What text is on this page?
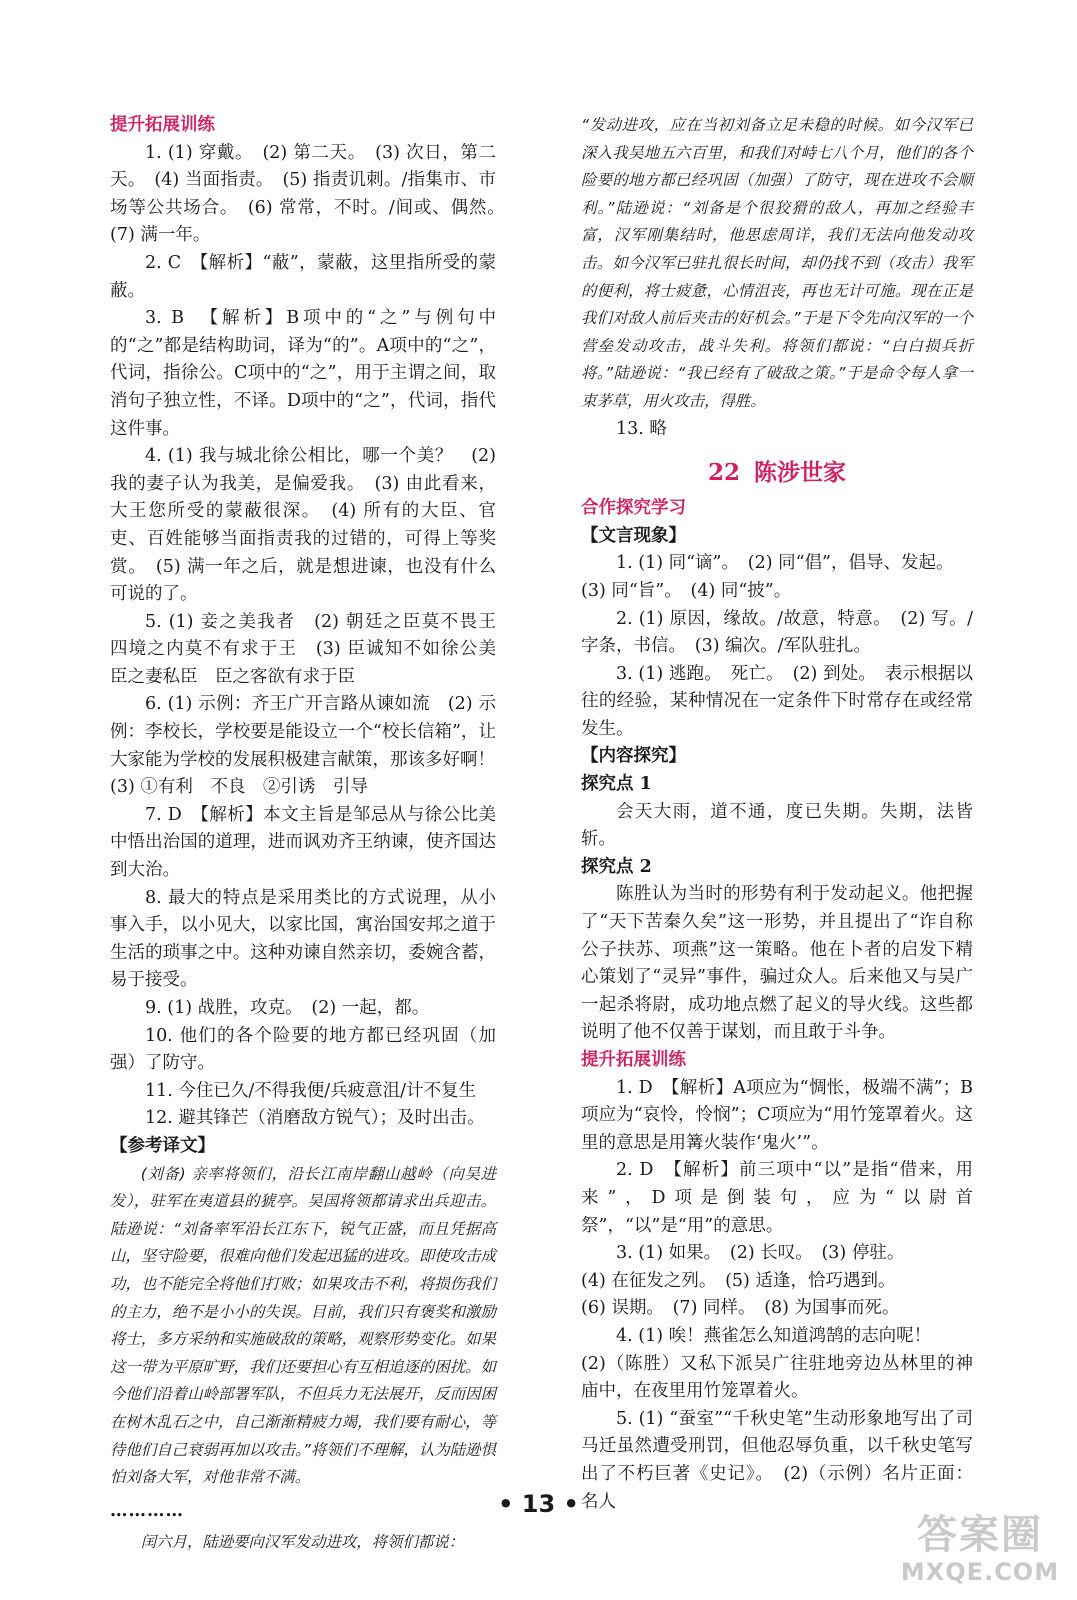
提升拓展训练

1. (1) 穿戴。　(2) 第二天。　(3) 次日，第二天。　(4) 当面指责。　(5) 指责讥刺。/指集市、市场等公共场合。　(6) 常常，不时。/间或、偶然。　(7) 满一年。

2. C　【解析】“蔽”，蒙蔽，这里指所受的蒙蔽。

3. B　【解析】B项中的“之”与例句中的“之”都是结构助词，译为“的”。A项中的“之”，代词，指徐公。C项中的“之”，用于主谓之间，取消句子独立性，不译。D项中的“之”，代词，指代这件事。

4. (1) 我与城北徐公相比，哪一个美？　(2) 我的妻子认为我美，是偏爱我。　(3) 由此看来，大王您所受的蒙蔽很深。　(4) 所有的大臣、官吏、百姓能够当面指责我的过错的，可得上等奖赏。　(5) 满一年之后，就是想进谏，也没有什么可说的了。

5. (1) 妾之美我者　(2) 朝廷之臣莫不畏王　四境之内莫不有求于王　(3) 臣诚知不如徐公美　臣之妻私臣　臣之客欲有求于臣

6. (1) 示例：齐王广开言路从谏如流　(2) 示例：李校长，学校要是能设立一个“校长信箱”，让大家能为学校的发展积极建言献策，那该多好啊！

(3) ①有利　不良　②引诱　引导

7. D　【解析】本文主旨是邹忌从与徐公比美中悟出治国的道理，进而讽劝齐王纳谏，使齐国达到大治。

8. 最大的特点是采用类比的方式说理，从小事入手，以小见大，以家比国，寓治国安邦之道于生活的琐事之中。这种劝谏自然亲切，委婉含蓄，易于接受。

9. (1) 战胜，攻克。　(2) 一起，都。

10. 他们的各个险要的地方都已经巩固（加强）了防守。

11. 今住已久/不得我便/兵疲意沮/计不复生

12. 避其锋芒（消磨敌方锐气）；及时出击。

【参考译文】

(刘备) 亲率将领们，沿长江南岸翻山越岭（向吴进发），驻军在夷道县的猇亭。吴国将领都请求出兵迎击。陆逊说：“刘备率军沿长江东下，锐气正盛，而且凭据高山，坚守险要，很难向他们发起迅猛的进攻。即使攻击成功，也不能完全将他们打败；如果攻击不利，将损伤我们的主力，绝不是小小的失误。目前，我们只有褒奖和激励将士，多方采纳和实施破敌的策略，观察形势变化。如果这一带为平原旷野，我们还要担心有互相追逐的困扰。如今他们沿着山岭部署军队，不但兵力无法展开，反而因困在树木乱石之中，自己渐渐精疲力竭，我们要有耐心，等待他们自己衰弱再加以攻击。”将领们不理解，认为陆逊惧怕刘备大军，对他非常不满。

…………

闰六月，陆逊要向汉军发动进攻，将领们都说：

“发动进攻，应在当初刘备立足未稳的时候。如今汉军已深入我吴地五六百里，和我们对峙七八个月，他们的各个险要的地方都已经巩固（加强）了防守，现在进攻不会顺利。”陆逊说：“刘备是个很狡猾的敌人，再加之经验丰富，汉军刚集结时，他思虑周详，我们无法向他发动攻击。如今汉军已驻扎很长时间，却仍找不到（攻击）我军的便利，将士疲惫，心情沮丧，再也无计可施。现在正是我们对敌人前后夹击的好机会。”于是下令先向汉军的一个营垒发动攻击，战斗失利。将领们都说：“白白损兵折将。”陆逊说：“我已经有了破敌之策。”于是命令每人拿一束茅草，用火攻击，得胜。

13. 略

22 陈涉世家
合作探究学习
【文言现象】

1. (1) 同“谪”。　(2) 同“倡”，倡导、发起。

(3) 同“旨”。　(4) 同“披”。

2. (1) 原因，缘故。/故意，特意。　(2) 写。/字条，书信。　(3) 编次。/军队驻扎。

3. (1) 逃跑。　死亡。　(2) 到处。　表示根据以往的经验，某种情况在一定条件下时常存在或经常发生。

【内容探究】

探究点 1

会天大雨，道不通，度已失期。失期，法皆斩。

探究点 2

陈胜认为当时的形势有利于发动起义。他把握了“天下苦秦久矣”这一形势，并且提出了“诈自称公子扶苏、项燕”这一策略。他在卜者的启发下精心策划了“灵异”事件，骗过众人。后来他又与吴广一起杀将尉，成功地点燃了起义的导火线。这些都说明了他不仅善于谋划，而且敢于斗争。

提升拓展训练

1. D　【解析】A项应为“惆怅，极端不满”；B项应为“哀怜，怜悯”；C项应为“用竹笼罩着火。这里的意思是用篝火装作‘鬼火’”。

2. D　【解析】前三项中“以”是指“借来，用来”，D项是倒装句，应为“以尉首祭”，“以”是“用”的意思。

3. (1) 如果。　(2) 长叹。　(3) 停驻。

(4) 在征发之列。　(5) 适逢，恰巧遇到。

(6) 误期。　(7) 同样。　(8) 为国事而死。

4. (1) 唉！燕雀怎么知道鸿鹄的志向呢！

(2)（陈胜）又私下派吴广往驻地旁边丛林里的神庙中，在夜里用竹笼罩着火。

5. (1) “蚕室”“千秋史笔”生动形象地写出了司马迁虽然遭受刑罚，但他忍辱负重，以千秋史笔写出了不朽巨著《史记》。　(2)（示例）名片正面：名人

• 13 •
答案圈
MXQE.COM
